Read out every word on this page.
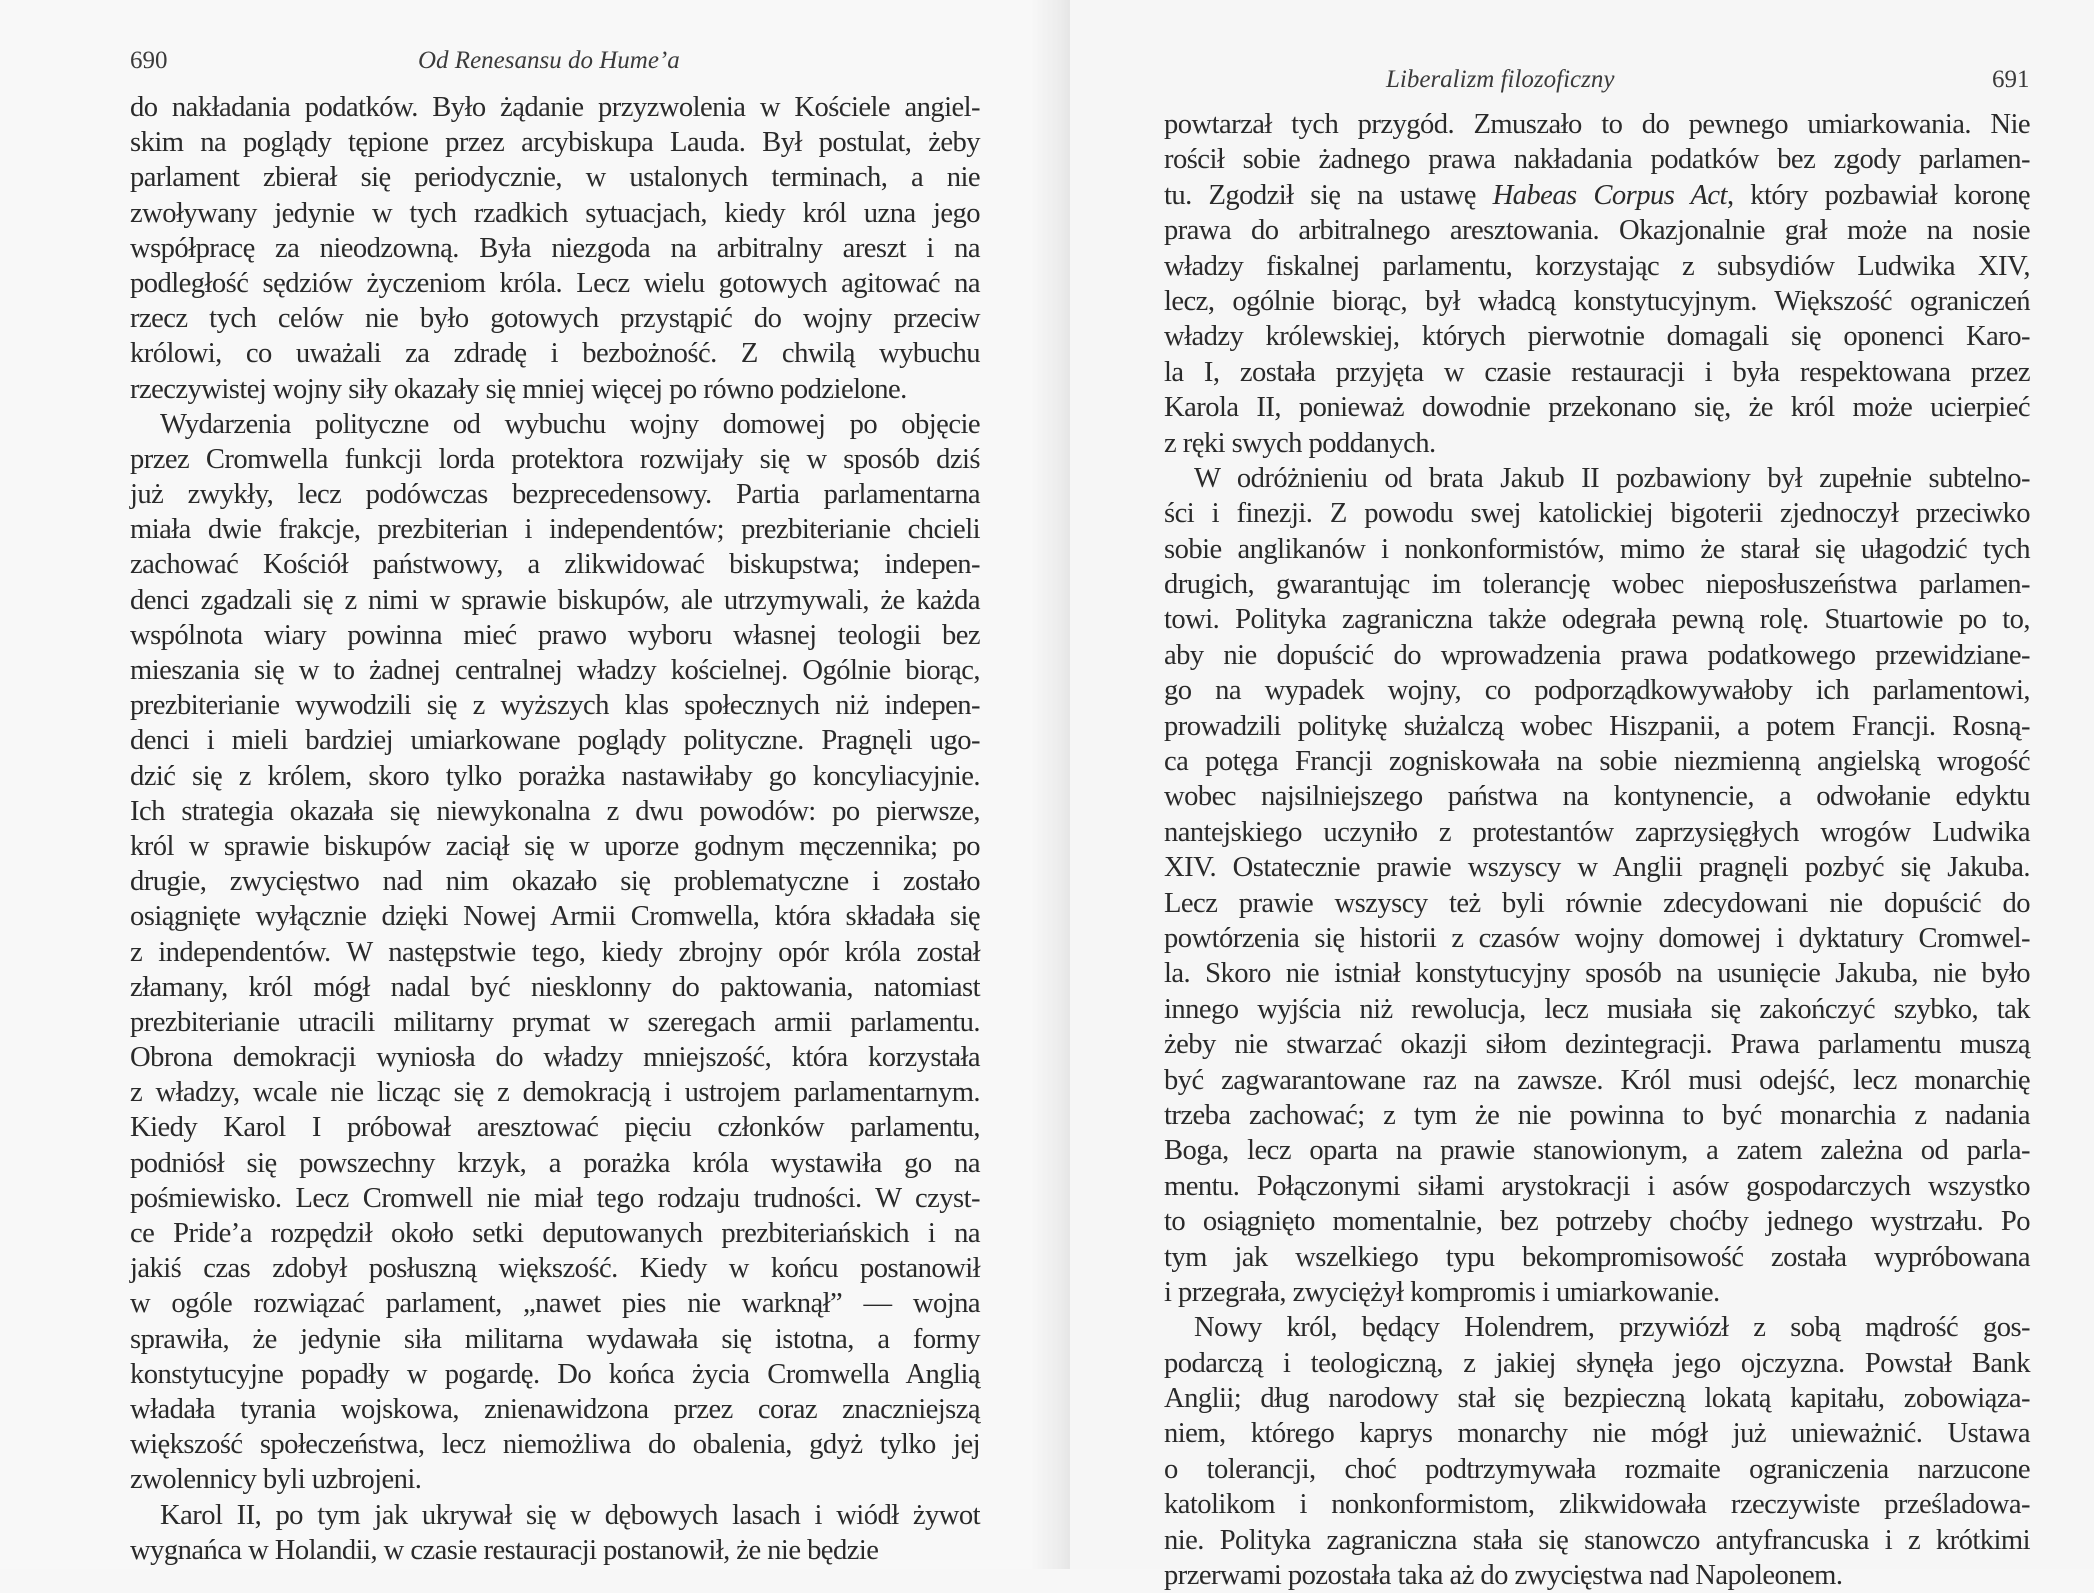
690	Od Renesansu do Hume’a
do nakładania podatków. Było żądanie przyzwolenia w Kościele angiel-
skim na poglądy tępione przez arcybiskupa Lauda. Był postulat, żeby
parlament zbierał się periodycznie, w ustalonych terminach, a nie
zwoływany jedynie w tych rzadkich sytuacjach, kiedy król uzna jego
współpracę za nieodzowną. Była niezgoda na arbitralny areszt i na
podległość sędziów życzeniom króla. Lecz wielu gotowych agitować na
rzecz tych celów nie było gotowych przystąpić do wojny przeciw
królowi, co uważali za zdradę i bezbożność. Z chwilą wybuchu
rzeczywistej wojny siły okazały się mniej więcej po równo podzielone.
Wydarzenia polityczne od wybuchu wojny domowej po objęcie
przez Cromwella funkcji lorda protektora rozwijały się w sposób dziś
już zwykły, lecz podówczas bezprecedensowy. Partia parlamentarna
miała dwie frakcje, prezbiterian i independentów; prezbiterianie chcieli
zachować Kościół państwowy, a zlikwidować biskupstwa; indepen-
denci zgadzali się z nimi w sprawie biskupów, ale utrzymywali, że każda
wspólnota wiary powinna mieć prawo wyboru własnej teologii bez
mieszania się w to żadnej centralnej władzy kościelnej. Ogólnie biorąc,
prezbiterianie wywodzili się z wyższych klas społecznych niż indepen-
denci i mieli bardziej umiarkowane poglądy polityczne. Pragnęli ugo-
dzić się z królem, skoro tylko porażka nastawiłaby go koncyliacyjnie.
Ich strategia okazała się niewykonalna z dwu powodów: po pierwsze,
król w sprawie biskupów zaciął się w uporze godnym męczennika; po
drugie, zwycięstwo nad nim okazało się problematyczne i zostało
osiągnięte wyłącznie dzięki Nowej Armii Cromwella, która składała się
z independentów. W następstwie tego, kiedy zbrojny opór króla został
złamany, król mógł nadal być niesklonny do paktowania, natomiast
prezbiterianie utracili militarny prymat w szeregach armii parlamentu.
Obrona demokracji wyniosła do władzy mniejszość, która korzystała
z władzy, wcale nie licząc się z demokracją i ustrojem parlamentarnym.
Kiedy Karol I próbował aresztować pięciu członków parlamentu,
podniósł się powszechny krzyk, a porażka króla wystawiła go na
pośmiewisko. Lecz Cromwell nie miał tego rodzaju trudności. W czyst-
ce Pride’a rozpędził około setki deputowanych prezbiteriańskich i na
jakiś czas zdobył posłuszną większość. Kiedy w końcu postanowił
w ogóle rozwiązać parlament, „nawet pies nie warknął” — wojna
sprawiła, że jedynie siła militarna wydawała się istotna, a formy
konstytucyjne popadły w pogardę. Do końca życia Cromwella Anglią
władała tyrania wojskowa, znienawidzona przez coraz znaczniejszą
większość społeczeństwa, lecz niemożliwa do obalenia, gdyż tylko jej
zwolennicy byli uzbrojeni.
Karol II, po tym jak ukrywał się w dębowych lasach i wiódł żywot
wygnańca w Holandii, w czasie restauracji postanowił, że nie będzie
Liberalizm filozoficzny	691
powtarzał tych przygód. Zmuszało to do pewnego umiarkowania. Nie
rościł sobie żadnego prawa nakładania podatków bez zgody parlamen-
tu. Zgodził się na ustawę Habeas Corpus Act, który pozbawiał koronę
prawa do arbitralnego aresztowania. Okazjonalnie grał może na nosie
władzy fiskalnej parlamentu, korzystając z subsydiów Ludwika XIV,
lecz, ogólnie biorąc, był władcą konstytucyjnym. Większość ograniczeń
władzy królewskiej, których pierwotnie domagali się oponenci Karo-
la I, została przyjęta w czasie restauracji i była respektowana przez
Karola II, ponieważ dowodnie przekonano się, że król może ucierpieć
z ręki swych poddanych.
W odróżnieniu od brata Jakub II pozbawiony był zupełnie subtelno-
ści i finezji. Z powodu swej katolickiej bigoterii zjednoczył przeciwko
sobie anglikanów i nonkonformistów, mimo że starał się ułagodzić tych
drugich, gwarantując im tolerancję wobec nieposłuszeństwa parlamen-
towi. Polityka zagraniczna także odegrała pewną rolę. Stuartowie po to,
aby nie dopuścić do wprowadzenia prawa podatkowego przewidziane-
go na wypadek wojny, co podporządkowywałoby ich parlamentowi,
prowadzili politykę służalczą wobec Hiszpanii, a potem Francji. Rosną-
ca potęga Francji zogniskowała na sobie niezmienną angielską wrogość
wobec najsilniejszego państwa na kontynencie, a odwołanie edyktu
nantejskiego uczyniło z protestantów zaprzysięgłych wrogów Ludwika
XIV. Ostatecznie prawie wszyscy w Anglii pragnęli pozbyć się Jakuba.
Lecz prawie wszyscy też byli równie zdecydowani nie dopuścić do
powtórzenia się historii z czasów wojny domowej i dyktatury Cromwel-
la. Skoro nie istniał konstytucyjny sposób na usunięcie Jakuba, nie było
innego wyjścia niż rewolucja, lecz musiała się zakończyć szybko, tak
żeby nie stwarzać okazji siłom dezintegracji. Prawa parlamentu muszą
być zagwarantowane raz na zawsze. Król musi odejść, lecz monarchię
trzeba zachować; z tym że nie powinna to być monarchia z nadania
Boga, lecz oparta na prawie stanowionym, a zatem zależna od parla-
mentu. Połączonymi siłami arystokracji i asów gospodarczych wszystko
to osiągnięto momentalnie, bez potrzeby choćby jednego wystrzału. Po
tym jak wszelkiego typu bekompromisowość została wypróbowana
i przegrała, zwyciężył kompromis i umiarkowanie.
Nowy król, będący Holendrem, przywiózł z sobą mądrość gos-
podarczą i teologiczną, z jakiej słynęła jego ojczyzna. Powstał Bank
Anglii; dług narodowy stał się bezpieczną lokatą kapitału, zobowiąza-
niem, którego kaprys monarchy nie mógł już unieważnić. Ustawa
o tolerancji, choć podtrzymywała rozmaite ograniczenia narzucone
katolikom i nonkonformistom, zlikwidowała rzeczywiste prześladowa-
nie. Polityka zagraniczna stała się stanowczo antyfrancuska i z krótkimi
przerwami pozostała taka aż do zwycięstwa nad Napoleonem.
